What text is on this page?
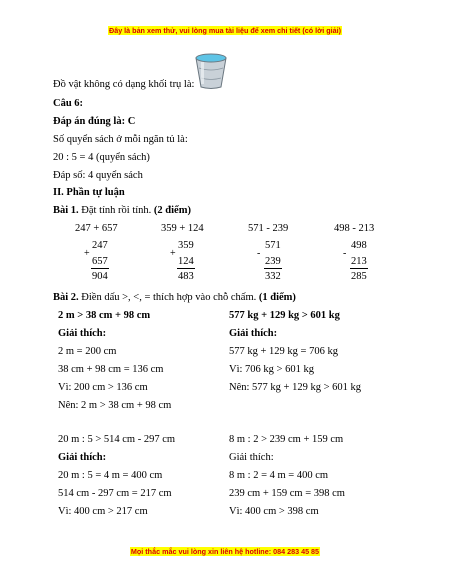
Đây là bản xem thử, vui lòng mua tài liệu để xem chi tiết (có lời giải)
Đồ vật không có dạng khối trụ là:
Câu 6:
Đáp án đúng là: C
Số quyển sách ở mỗi ngăn tủ là:
20 : 5 = 4 (quyển sách)
Đáp số: 4 quyển sách
II. Phần tự luận
Bài 1. Đặt tính rồi tính. (2 điểm)
247 + 657
247
+
657
904
359 + 124
359
+
124
483
571 - 239
571
-
239
332
498 - 213
498
-
213
285
Bài 2. Điền dấu >, <, = thích hợp vào chỗ chấm. (1 điểm)
2 m > 38 cm + 98 cm
Giải thích:
2 m = 200 cm
38 cm + 98 cm = 136 cm
Vì: 200 cm > 136 cm
Nên: 2 m > 38 cm + 98 cm
577 kg + 129 kg > 601 kg
Giải thích:
577 kg + 129 kg = 706 kg
Vì: 706 kg > 601 kg
Nên: 577 kg + 129 kg > 601 kg
20 m : 5 > 514 cm - 297 cm
Giải thích:
20 m : 5 = 4 m = 400 cm
514 cm - 297 cm = 217 cm
Vì: 400 cm > 217 cm
8 m : 2 > 239 cm + 159 cm
Giải thích:
8 m : 2 = 4 m = 400 cm
239 cm + 159 cm = 398 cm
Vì: 400 cm > 398 cm
Mọi thắc mắc vui lòng xin liên hệ hotline: 084 283 45 85
